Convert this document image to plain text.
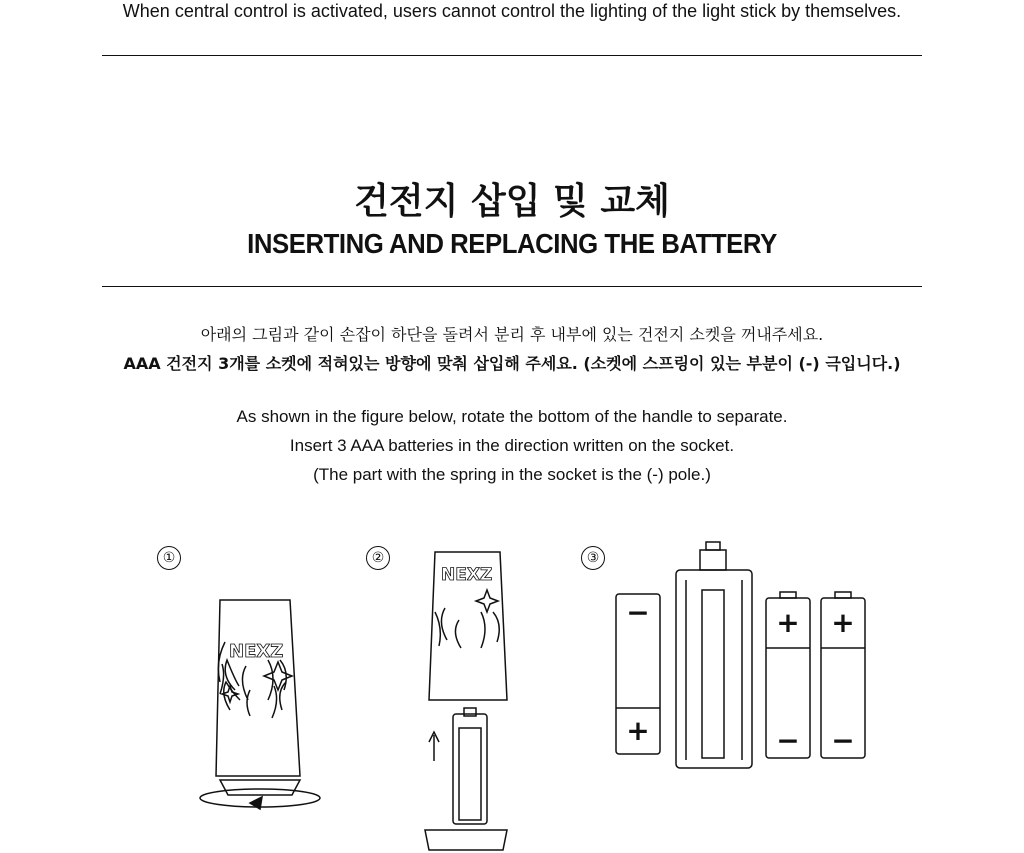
When central control is activated, users cannot control the lighting of the light stick by themselves.
건전지 삽입 및 교체
INSERTING AND REPLACING THE BATTERY
아래의 그림과 같이 손잡이 하단을 돌려서 분리 후 내부에 있는 건전지 소켓을 꺼내주세요.
AAA 건전지 3개를 소켓에 적혀있는 방향에 맞춰 삽입해 주세요. (소켓에 스프링이 있는 부분이 (-) 극입니다.)
As shown in the figure below, rotate the bottom of the handle to separate.
Insert 3 AAA batteries in the direction written on the socket.
(The part with the spring in the socket is the (-) pole.)
①	②	③
NEXZ
NEXZ
−
+
+
−
+
−
